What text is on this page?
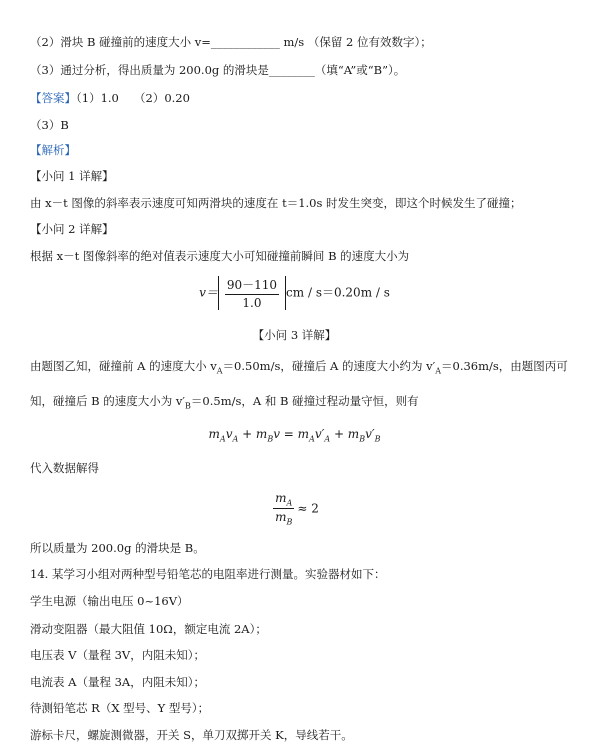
（2）滑块 B 碰撞前的速度大小 v=____________ m/s （保留 2 位有效数字）；
（3）通过分析，得出质量为 200.0g 的滑块是________（填“A”或“B”）。
【答案】（1）1.0　 （2）0.20
（3）B
【解析】
【小问 1 详解】
由 x－t 图像的斜率表示速度可知两滑块的速度在 t＝1.0s 时发生突变，即这个时候发生了碰撞；
【小问 2 详解】
根据 x－t 图像斜率的绝对值表示速度大小可知碰撞前瞬间 B 的速度大小为
$v= \frac{90-110}{1.0}$ cm / s＝0.20m / s
【小问 3 详解】
由题图乙知，碰撞前 A 的速度大小 $v_A=0.50m/s$，碰撞后 A 的速度大小约为 $v'_A=0.36m/s$，由题图丙可
知，碰撞后 B 的速度大小为 $v'_B=0.5m/s$，A 和 B 碰撞过程动量守恒，则有
$m_Av_A + m_Bv = m_Av'_A + m_Bv'_B$
代入数据解得
$\frac{m_A}{m_B} \approx 2$
所以质量为 200.0g 的滑块是 B。
14. 某学习小组对两种型号铅笔芯的电阻率进行测量。实验器材如下：
学生电源（输出电压 0~16V）
滑动变阻器（最大阻值 10Ω，额定电流 2A）；
电压表 V（量程 3V，内阻未知）；
电流表 A（量程 3A，内阻未知）；
待测铅笔芯 R（X 型号、Y 型号）；
游标卡尺，螺旋测微器，开关 S，单刀双掷开关 K，导线若干。
